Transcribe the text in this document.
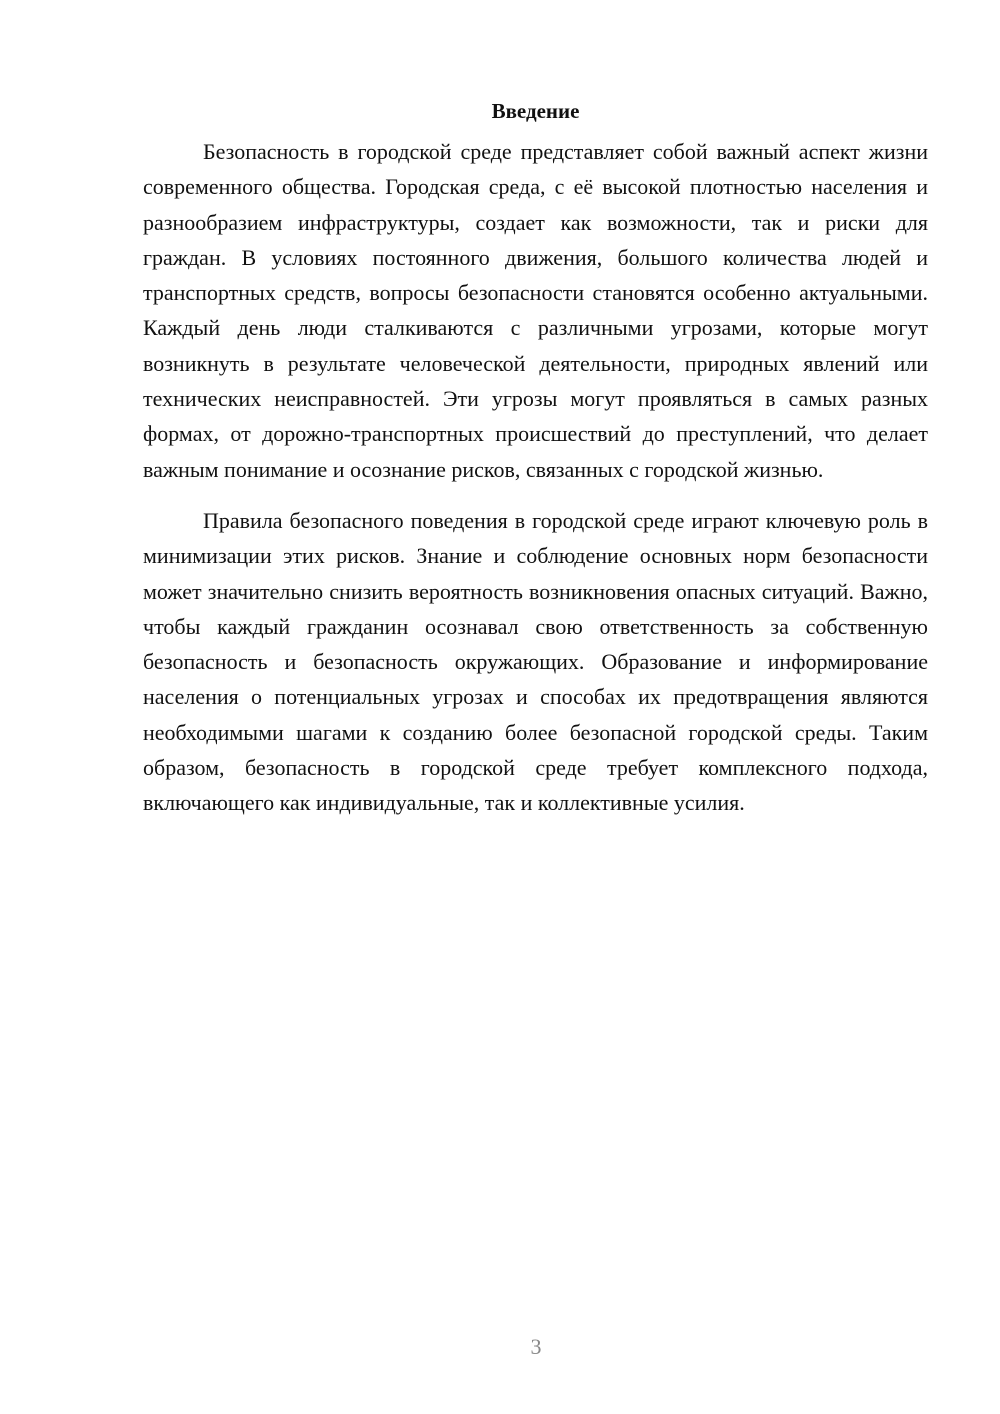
Введение

Безопасность в городской среде представляет собой важный аспект жизни современного общества. Городская среда, с её высокой плотностью населения и разнообразием инфраструктуры, создает как возможности, так и риски для граждан. В условиях постоянного движения, большого количества людей и транспортных средств, вопросы безопасности становятся особенно актуальными. Каждый день люди сталкиваются с различными угрозами, которые могут возникнуть в результате человеческой деятельности, природных явлений или технических неисправностей. Эти угрозы могут проявляться в самых разных формах, от дорожно-транспортных происшествий до преступлений, что делает важным понимание и осознание рисков, связанных с городской жизнью.

Правила безопасного поведения в городской среде играют ключевую роль в минимизации этих рисков. Знание и соблюдение основных норм безопасности может значительно снизить вероятность возникновения опасных ситуаций. Важно, чтобы каждый гражданин осознавал свою ответственность за собственную безопасность и безопасность окружающих. Образование и информирование населения о потенциальных угрозах и способах их предотвращения являются необходимыми шагами к созданию более безопасной городской среды. Таким образом, безопасность в городской среде требует комплексного подхода, включающего как индивидуальные, так и коллективные усилия.

3
